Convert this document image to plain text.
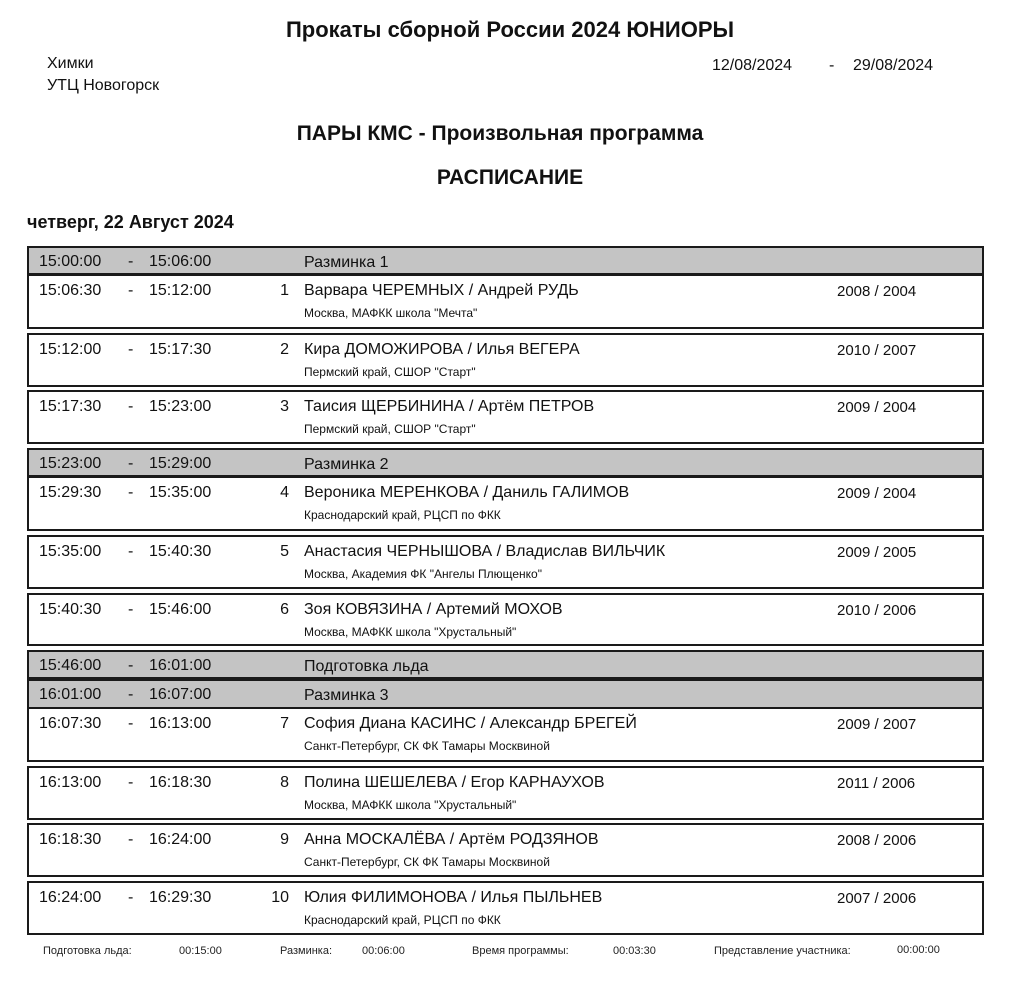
Прокаты сборной России 2024 ЮНИОРЫ
Химки
УТЦ Новогорск
12/08/2024 - 29/08/2024
ПАРЫ КМС - Произвольная программа
РАСПИСАНИЕ
четверг, 22 Август 2024
15:00:00 - 15:06:00	Разминка 1
15:06:30 - 15:12:00	1 Варвара ЧЕРЕМНЫХ / Андрей РУДЬ
Москва, МАФКК школа "Мечта"
2008 / 2004
15:12:00 - 15:17:30	2 Кира ДОМОЖИРОВА / Илья ВЕГЕРА
Пермский край, СШОР "Старт"
2010 / 2007
15:17:30 - 15:23:00	3 Таисия ЩЕРБИНИНА / Артём ПЕТРОВ
Пермский край, СШОР "Старт"
2009 / 2004
15:23:00 - 15:29:00	Разминка 2
15:29:30 - 15:35:00	4 Вероника МЕРЕНКОВА / Даниль ГАЛИМОВ
Краснодарский край, РЦСП по ФКК
2009 / 2004
15:35:00 - 15:40:30	5 Анастасия ЧЕРНЫШОВА / Владислав ВИЛЬЧИК
Москва, Академия ФК "Ангелы Плющенко"
2009 / 2005
15:40:30 - 15:46:00	6 Зоя КОВЯЗИНА / Артемий МОХОВ
Москва, МАФКК школа "Хрустальный"
2010 / 2006
15:46:00 - 16:01:00	Подготовка льда
16:01:00 - 16:07:00	Разминка 3
16:07:30 - 16:13:00	7 София Диана КАСИНС / Александр БРЕГЕЙ
Санкт-Петербург, СК ФК Тамары Москвиной
2009 / 2007
16:13:00 - 16:18:30	8 Полина ШЕШЕЛЕВА / Егор КАРНАУХОВ
Москва, МАФКК школа "Хрустальный"
2011 / 2006
16:18:30 - 16:24:00	9 Анна МОСКАЛЁВА / Артём РОДЗЯНОВ
Санкт-Петербург, СК ФК Тамары Москвиной
2008 / 2006
16:24:00 - 16:29:30	10 Юлия ФИЛИМОНОВА / Илья ПЫЛЬНЕВ
Краснодарский край, РЦСП по ФКК
2007 / 2006
Подготовка льда:	00:15:00	Разминка:	00:06:00	Время программы:	00:03:30	Представление участника:	00:00:00
